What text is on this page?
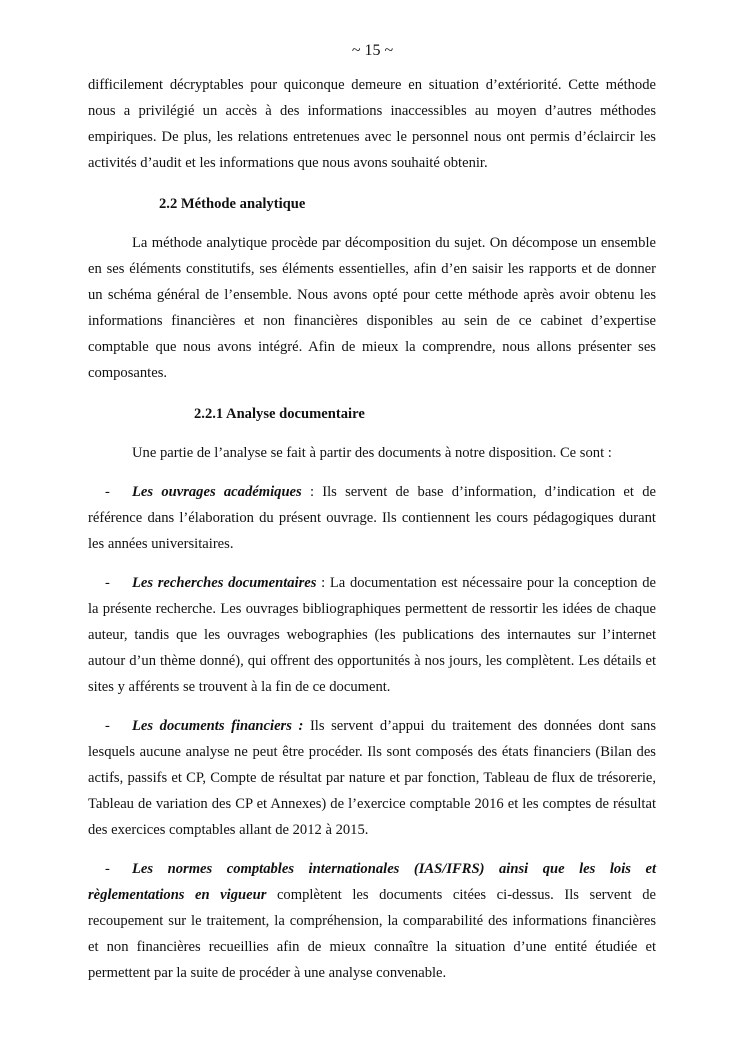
~ 15 ~

difficilement décryptables pour quiconque demeure en situation d’extériorité. Cette méthode nous a privilégié un accès à des informations inaccessibles au moyen d’autres méthodes empiriques. De plus, les relations entretenues avec le personnel nous ont permis d’éclaircir les activités d’audit et les informations que nous avons souhaité obtenir.

2.2 Méthode analytique

La méthode analytique procède par décomposition du sujet. On décompose un ensemble en ses éléments constitutifs, ses éléments essentielles, afin d’en saisir les rapports et de donner un schéma général de l’ensemble. Nous avons opté pour cette méthode après avoir obtenu les informations financières et non financières disponibles au sein de ce cabinet d’expertise comptable que nous avons intégré. Afin de mieux la comprendre, nous allons présenter ses composantes.

2.2.1 Analyse documentaire

Une partie de l’analyse se fait à partir des documents à notre disposition. Ce sont :

- Les ouvrages académiques : Ils servent de base d’information, d’indication et de référence dans l’élaboration du présent ouvrage. Ils contiennent les cours pédagogiques durant les années universitaires.

- Les recherches documentaires : La documentation est nécessaire pour la conception de la présente recherche. Les ouvrages bibliographiques permettent de ressortir les idées de chaque auteur, tandis que les ouvrages webographies (les publications des internautes sur l’internet autour d’un thème donné), qui offrent des opportunités à nos jours, les complètent. Les détails et sites y afférents se trouvent à la fin de ce document.

- Les documents financiers : Ils servent d’appui du traitement des données dont sans lesquels aucune analyse ne peut être procéder. Ils sont composés des états financiers (Bilan des actifs, passifs et CP, Compte de résultat par nature et par fonction, Tableau de flux de trésorerie, Tableau de variation des CP et Annexes) de l’exercice comptable 2016 et les comptes de résultat des exercices comptables allant de 2012 à 2015.

- Les normes comptables internationales (IAS/IFRS) ainsi que les lois et règlementations en vigueur complètent les documents citées ci-dessus. Ils servent de recoupement sur le traitement, la compréhension, la comparabilité des informations financières et non financières recueillies afin de mieux connaître la situation d’une entité étudiée et permettent par la suite de procéder à une analyse convenable.
